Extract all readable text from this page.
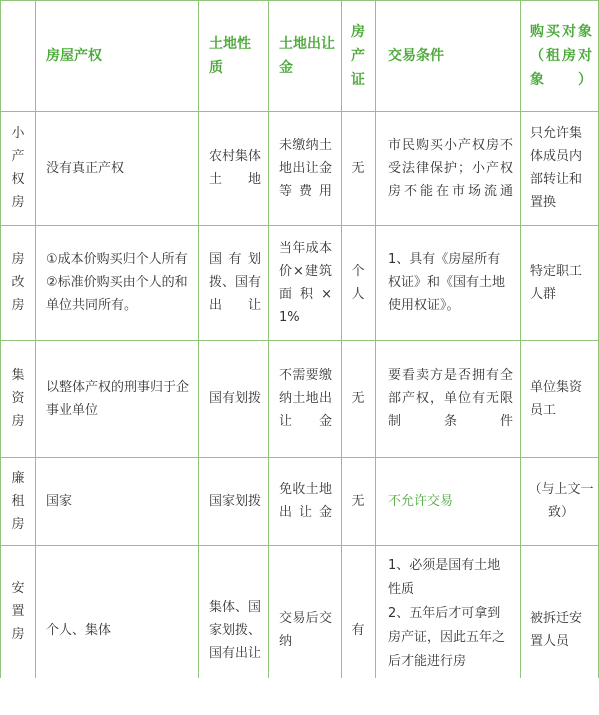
房屋产权
土地性质
土地出让金
房产证
交易条件
购买对象（租房对象）
小产权房
没有真正产权
农村集体土地
未缴纳土地出让金等费用
无
市民购买小产权房不受法律保护；小产权房不能在市场流通
只允许集体成员内部转让和置换
房改房
①成本价购买归个人所有②标准价购买由个人的和单位共同所有。
国有划拨、国有出让
当年成本价×建筑面积×1%
个人
1、具有《房屋所有权证》和《国有土地使用权证》。
特定职工人群
集资房
以整体产权的刑事归于企事业单位
国有划拨
不需要缴纳土地出让金
无
要看卖方是否拥有全部产权，单位有无限制条件
单位集资员工
廉租房
国家	国家划拨
免收土地出让金
无 不允许交易
（与上文一致）
安置房 个人、集体
集体、国家划拨、国有出让
交易后交纳
有
1、必须是国有土地性质
2、五年后才可拿到房产证，因此五年之后才能进行房
被拆迁安置人员
